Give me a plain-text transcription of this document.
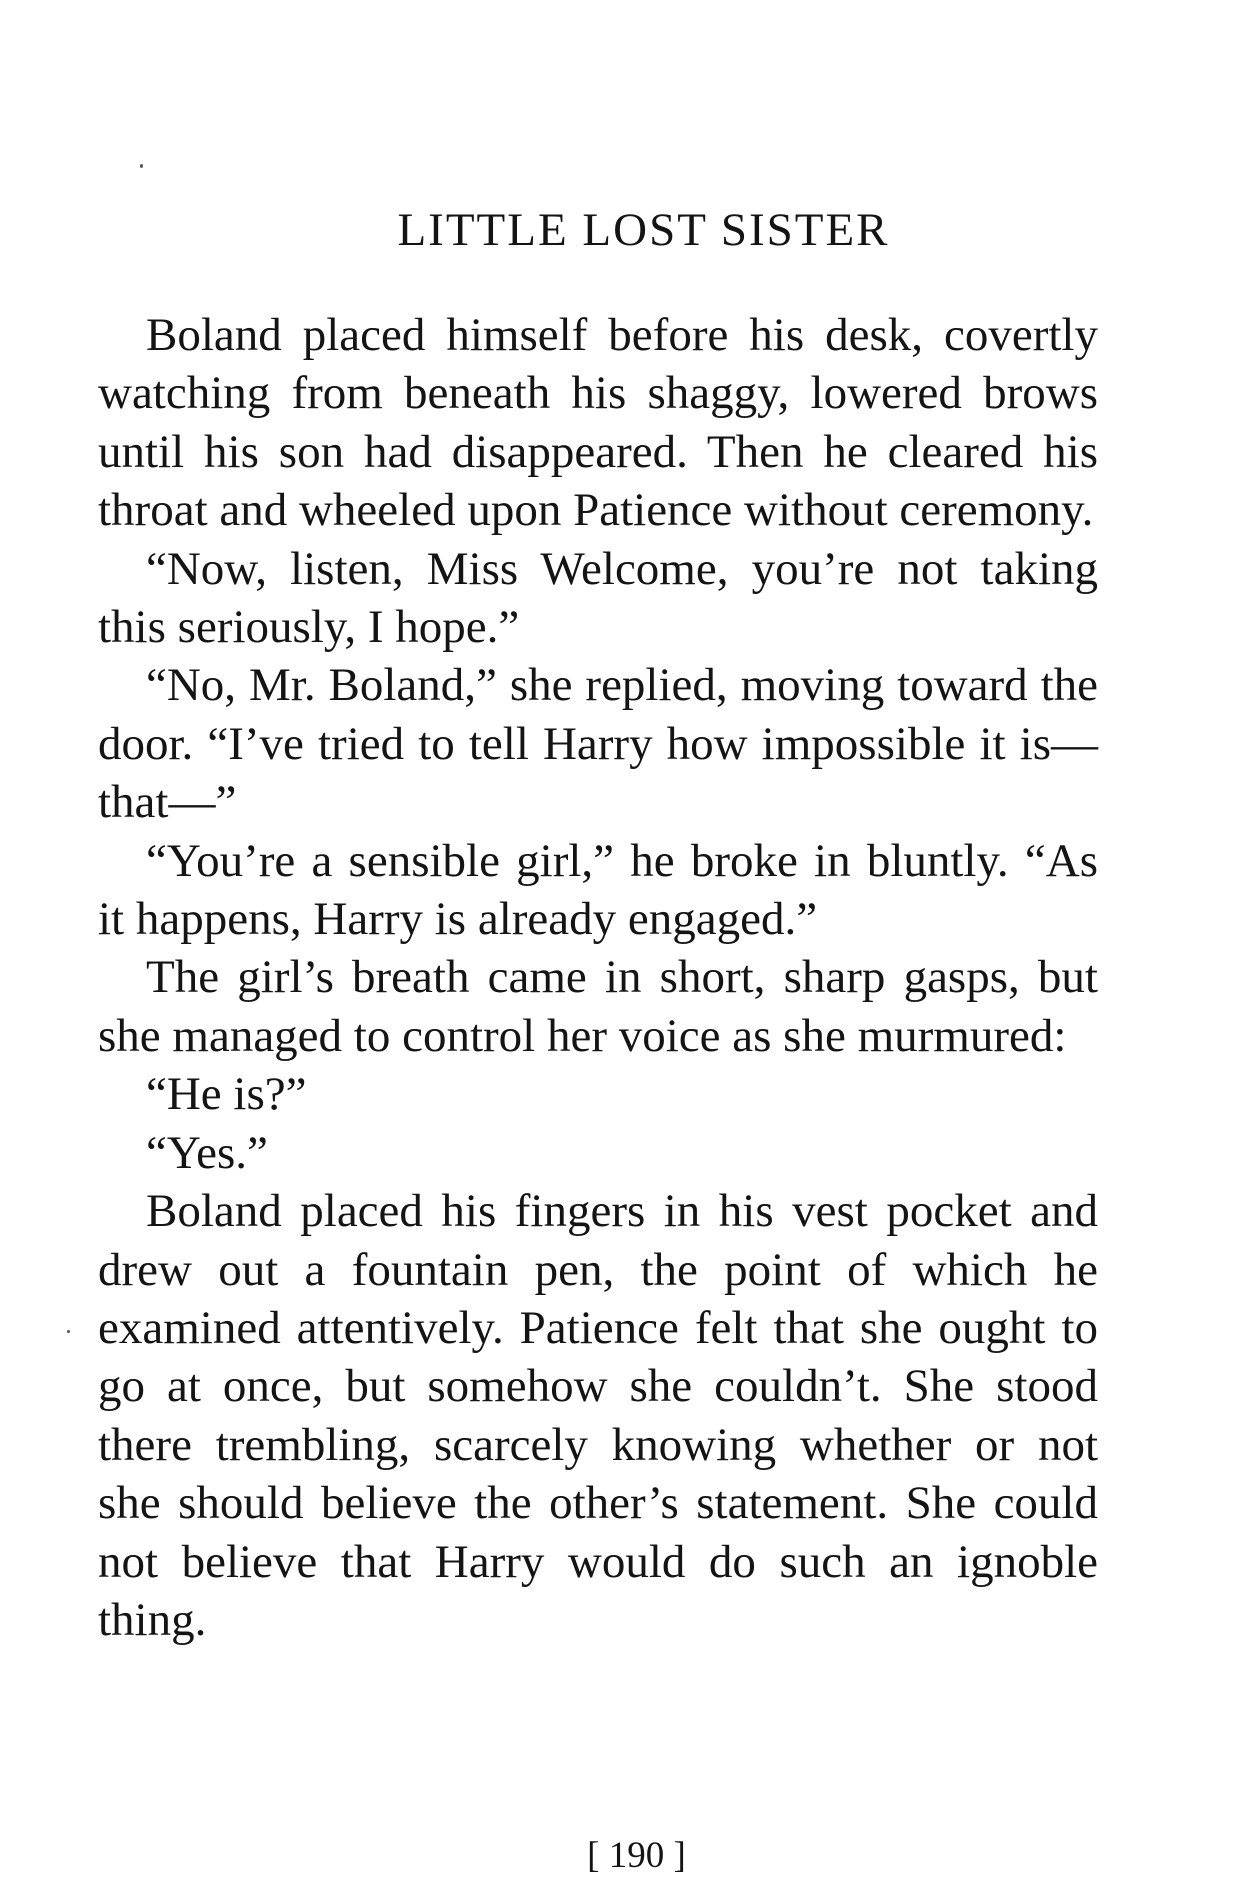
LITTLE LOST SISTER

Boland placed himself before his desk, covertly watching from beneath his shaggy, lowered brows until his son had disappeared. Then he cleared his throat and wheeled upon Patience without ceremony.

“Now, listen, Miss Welcome, you’re not taking this seriously, I hope.”

“No, Mr. Boland,” she replied, moving toward the door. “I’ve tried to tell Harry how impossible it is—that—”

“You’re a sensible girl,” he broke in bluntly. “As it happens, Harry is already engaged.”

The girl’s breath came in short, sharp gasps, but she managed to control her voice as she murmured:

“He is?”

“Yes.”

Boland placed his fingers in his vest pocket and drew out a fountain pen, the point of which he examined attentively. Patience felt that she ought to go at once, but somehow she couldn’t. She stood there trembling, scarcely knowing whether or not she should believe the other’s statement. She could not believe that Harry would do such an ignoble thing.

[ 190 ]
